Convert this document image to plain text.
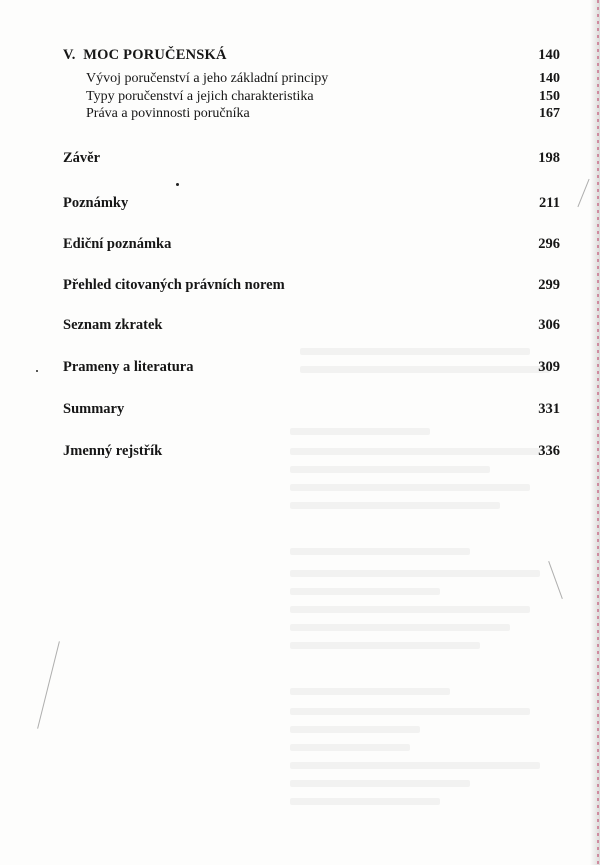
V. MOC PORUČENSKÁ	140
Vývoj poručenství a jeho základní principy	140
Typy poručenství a jejich charakteristika	150
Práva a povinnosti poručníka	167
Závěr	198
Poznámky	211
Ediční poznámka	296
Přehled citovaných právních norem	299
Seznam zkratek	306
Prameny a literatura	309
Summary	331
Jmenný rejstřík	336
